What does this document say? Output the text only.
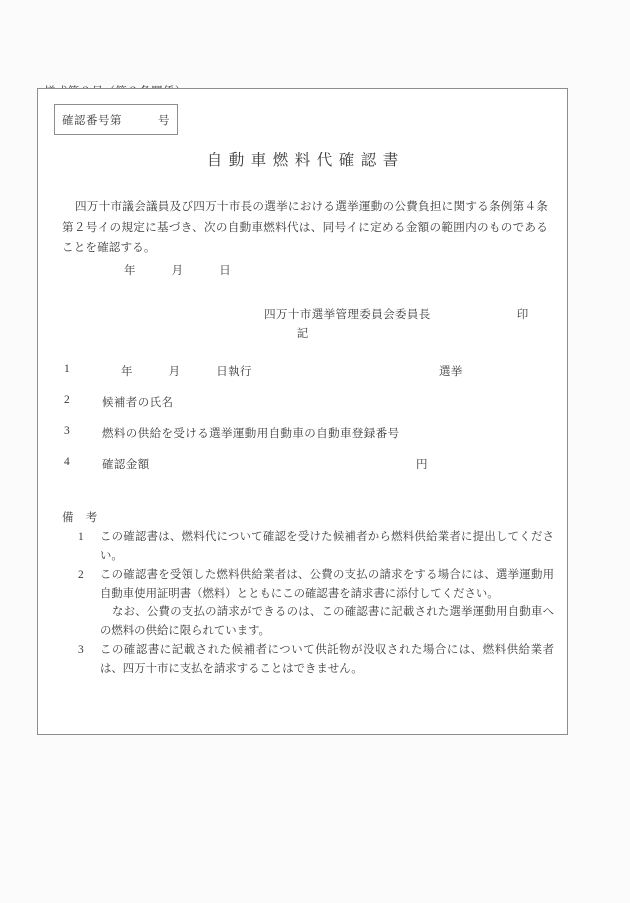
確認番号第　　　号
自動車燃料代確認書
四万十市議会議員及び四万十市長の選挙における選挙運動の公費負担に関する条例第４条第２号イの規定に基づき、次の自動車燃料代は、同号イに定める金額の範囲内のものであることを確認する。
年　　　月　　　日

四万十市選挙管理委員会委員長	印

記
1	年　　　月　　　日執行	選挙
2	候補者の氏名
3	燃料の供給を受ける選挙運動用自動車の自動車登録番号
4	確認金額	円
備　考
1 この確認書は、燃料代について確認を受けた候補者から燃料供給業者に提出してください。
2 この確認書を受領した燃料供給業者は、公費の支払の請求をする場合には、選挙運動用自動車使用証明書（燃料）とともにこの確認書を請求書に添付してください。
なお、公費の支払の請求ができるのは、この確認書に記載された選挙運動用自動車への燃料の供給に限られています。
3 この確認書に記載された候補者について供託物が没収された場合には、燃料供給業者は、四万十市に支払を請求することはできません。
